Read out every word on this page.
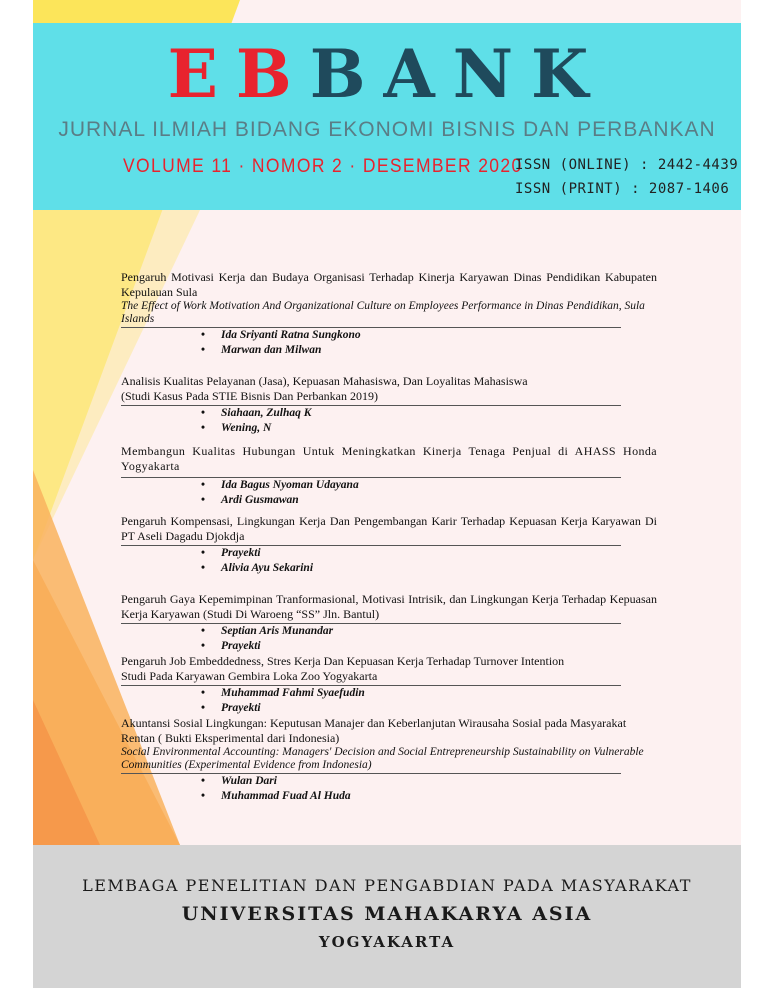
EBBANK
JURNAL ILMIAH BIDANG EKONOMI BISNIS DAN PERBANKAN
VOLUME 11 · NOMOR 2 · DESEMBER 2020
ISSN (ONLINE) : 2442-4439
ISSN (PRINT) : 2087-1406
Pengaruh Motivasi Kerja dan Budaya Organisasi Terhadap Kinerja Karyawan Dinas Pendidikan Kabupaten Kepulauan Sula
The Effect of Work Motivation And Organizational Culture on Employees Performance in Dinas Pendidikan, Sula Islands
• Ida Sriyanti Ratna Sungkono
• Marwan dan Milwan
Analisis Kualitas Pelayanan (Jasa), Kepuasan Mahasiswa, Dan Loyalitas Mahasiswa
(Studi Kasus Pada STIE Bisnis Dan Perbankan 2019)
• Siahaan, Zulhaq K
• Wening, N
Membangun Kualitas Hubungan Untuk Meningkatkan Kinerja Tenaga Penjual di AHASS Honda Yogyakarta
• Ida Bagus Nyoman Udayana
• Ardi Gusmawan
Pengaruh Kompensasi, Lingkungan Kerja Dan Pengembangan Karir Terhadap Kepuasan Kerja Karyawan Di PT Aseli Dagadu Djokdja
• Prayekti
• Alivia Ayu Sekarini
Pengaruh Gaya Kepemimpinan Tranformasional, Motivasi Intrisik, dan Lingkungan Kerja Terhadap Kepuasan Kerja Karyawan (Studi Di Waroeng “SS” Jln. Bantul)
• Septian Aris Munandar
• Prayekti
Pengaruh Job Embeddedness, Stres Kerja Dan Kepuasan Kerja Terhadap Turnover Intention
Studi Pada Karyawan Gembira Loka Zoo Yogyakarta
• Muhammad Fahmi Syaefudin
• Prayekti
Akuntansi Sosial Lingkungan: Keputusan Manajer dan Keberlanjutan Wirausaha Sosial pada Masyarakat Rentan ( Bukti Eksperimental dari Indonesia)
Social Environmental Accounting: Managers' Decision and Social Entrepreneurship Sustainability on Vulnerable Communities (Experimental Evidence from Indonesia)
• Wulan Dari
• Muhammad Fuad Al Huda
LEMBAGA PENELITIAN DAN PENGABDIAN PADA MASYARAKAT
UNIVERSITAS MAHAKARYA ASIA
YOGYAKARTA
